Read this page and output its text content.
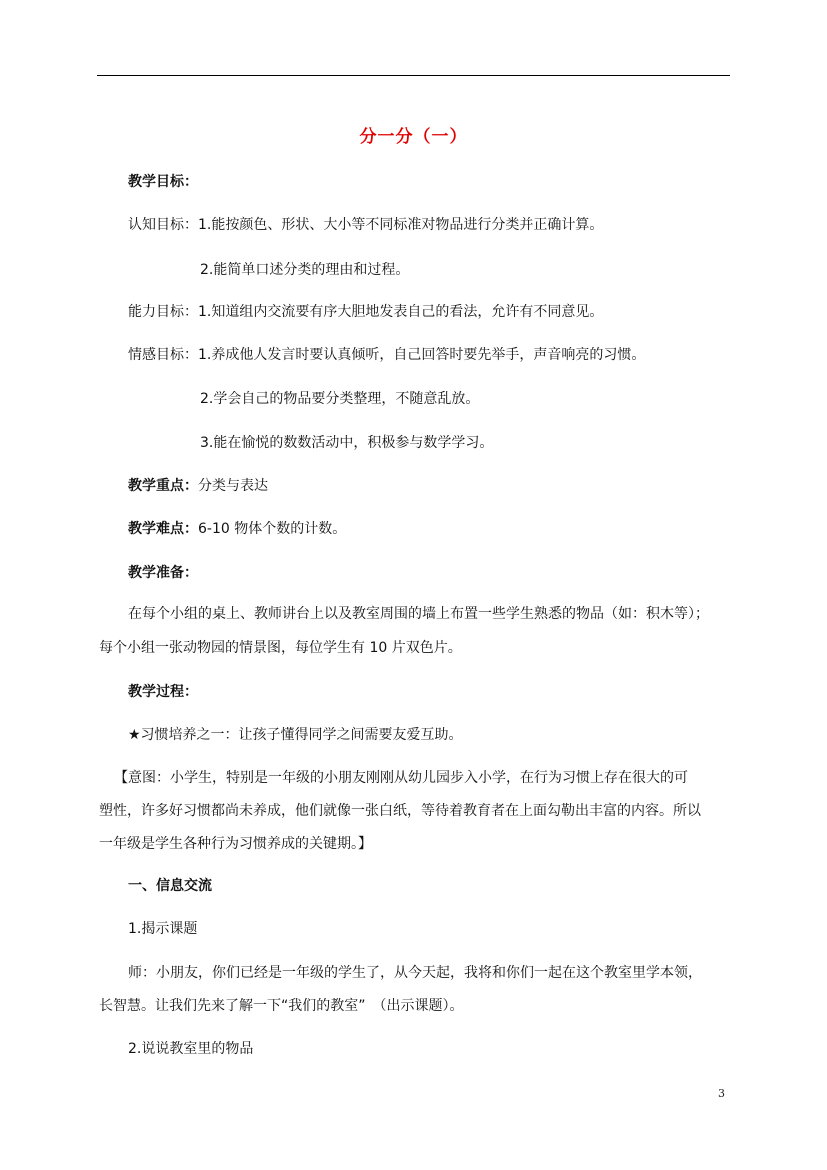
分一分（一）
教学目标：
认知目标：1.能按颜色、形状、大小等不同标准对物品进行分类并正确计算。
2.能简单口述分类的理由和过程。
能力目标：1.知道组内交流要有序大胆地发表自己的看法，允许有不同意见。
情感目标：1.养成他人发言时要认真倾听，自己回答时要先举手，声音响亮的习惯。
2.学会自己的物品要分类整理，不随意乱放。
3.能在愉悦的数数活动中，积极参与数学学习。
教学重点：分类与表达
教学难点：6-10 物体个数的计数。
教学准备：
在每个小组的桌上、教师讲台上以及教室周围的墙上布置一些学生熟悉的物品（如：积木等）；
每个小组一张动物园的情景图，每位学生有 10 片双色片。
教学过程：
★习惯培养之一：让孩子懂得同学之间需要友爱互助。
【意图：小学生，特别是一年级的小朋友刚刚从幼儿园步入小学，在行为习惯上存在很大的可
塑性，许多好习惯都尚未养成，他们就像一张白纸，等待着教育者在上面勾勒出丰富的内容。所以
一年级是学生各种行为习惯养成的关键期。】
一、信息交流
1.揭示课题
师：小朋友，你们已经是一年级的学生了，从今天起，我将和你们一起在这个教室里学本领，
长智慧。让我们先来了解一下“我们的教室”　（出示课题）。
2.说说教室里的物品
3
